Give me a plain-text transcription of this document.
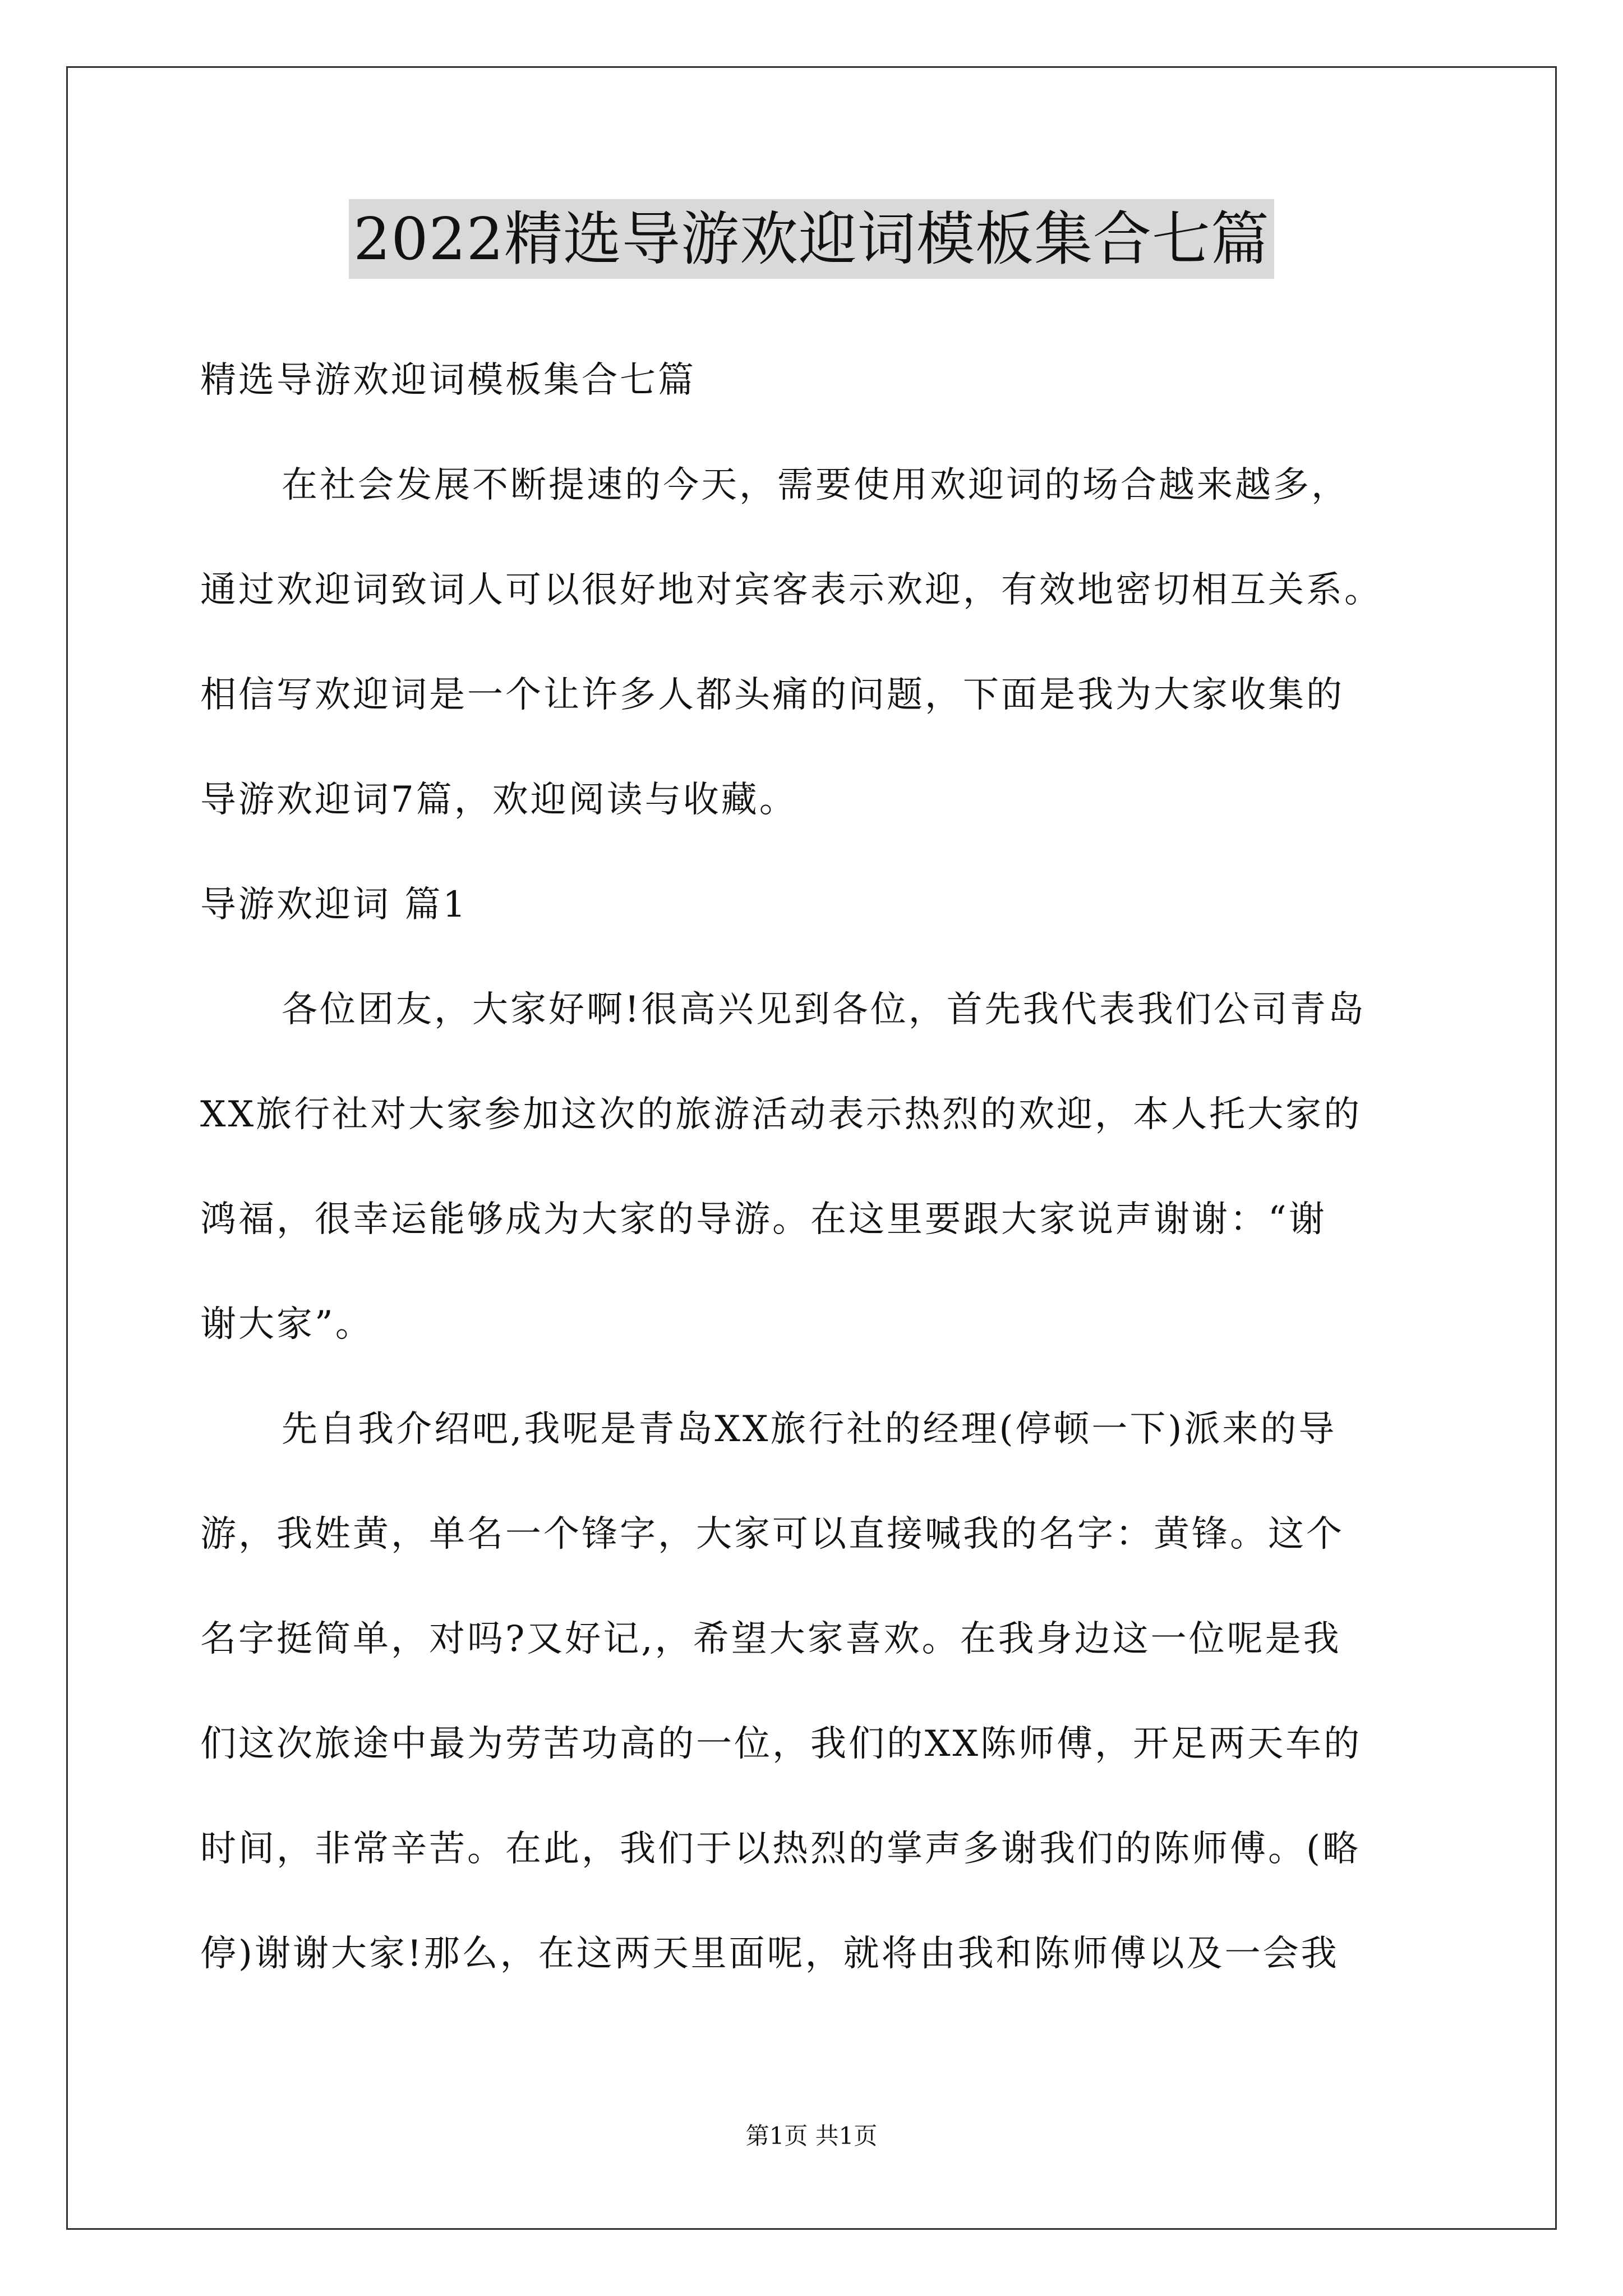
2022精选导游欢迎词模板集合七篇
精选导游欢迎词模板集合七篇
在社会发展不断提速的今天，需要使用欢迎词的场合越来越多，
通过欢迎词致词人可以很好地对宾客表示欢迎，有效地密切相互关系。
相信写欢迎词是一个让许多人都头痛的问题，下面是我为大家收集的
导游欢迎词7篇，欢迎阅读与收藏。
导游欢迎词 篇1
各位团友，大家好啊!很高兴见到各位，首先我代表我们公司青岛
XX旅行社对大家参加这次的旅游活动表示热烈的欢迎，本人托大家的
鸿福，很幸运能够成为大家的导游。在这里要跟大家说声谢谢：“谢
谢大家”。
先自我介绍吧,我呢是青岛XX旅行社的经理(停顿一下)派来的导
游，我姓黄，单名一个锋字，大家可以直接喊我的名字：黄锋。这个
名字挺简单，对吗?又好记,，希望大家喜欢。在我身边这一位呢是我
们这次旅途中最为劳苦功高的一位，我们的XX陈师傅，开足两天车的
时间，非常辛苦。在此，我们于以热烈的掌声多谢我们的陈师傅。(略
停)谢谢大家!那么，在这两天里面呢，就将由我和陈师傅以及一会我
第1页 共1页
